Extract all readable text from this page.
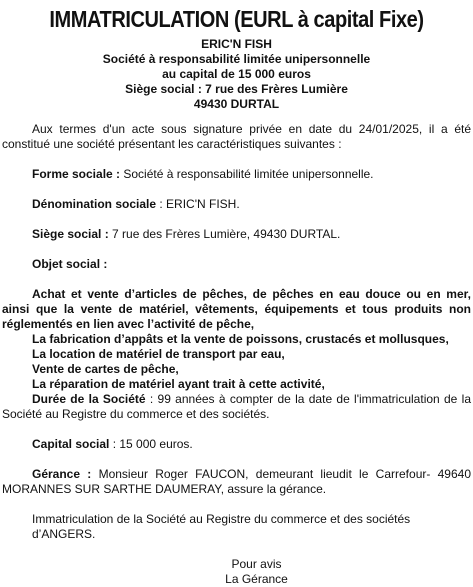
IMMATRICULATION (EURL à capital Fixe)
ERIC'N FISH
Société à responsabilité limitée unipersonnelle
au capital de 15 000 euros
Siège social : 7 rue des Frères Lumière
49430 DURTAL

Aux termes d'un acte sous signature privée en date du 24/01/2025, il a été constitué une société présentant les caractéristiques suivantes :

Forme sociale : Société à responsabilité limitée unipersonnelle.

Dénomination sociale : ERIC'N FISH.

Siège social : 7 rue des Frères Lumière, 49430 DURTAL.

Objet social :

Achat et vente d’articles de pêches, de pêches en eau douce ou en mer, ainsi que la vente de matériel, vêtements, équipements et tous produits non réglementés en lien avec l’activité de pêche,

La fabrication d’appâts et la vente de poissons, crustacés et mollusques,

La location de matériel de transport par eau,

Vente de cartes de pêche,

La réparation de matériel ayant trait à cette activité,

Durée de la Société : 99 années à compter de la date de l'immatriculation de la Société au Registre du commerce et des sociétés.

Capital social : 15 000 euros.

Gérance : Monsieur Roger FAUCON, demeurant lieudit le Carrefour- 49640 MORANNES SUR SARTHE DAUMERAY, assure la gérance.

Immatriculation de la Société au Registre du commerce et des sociétés d’ANGERS.

Pour avis

La Gérance
